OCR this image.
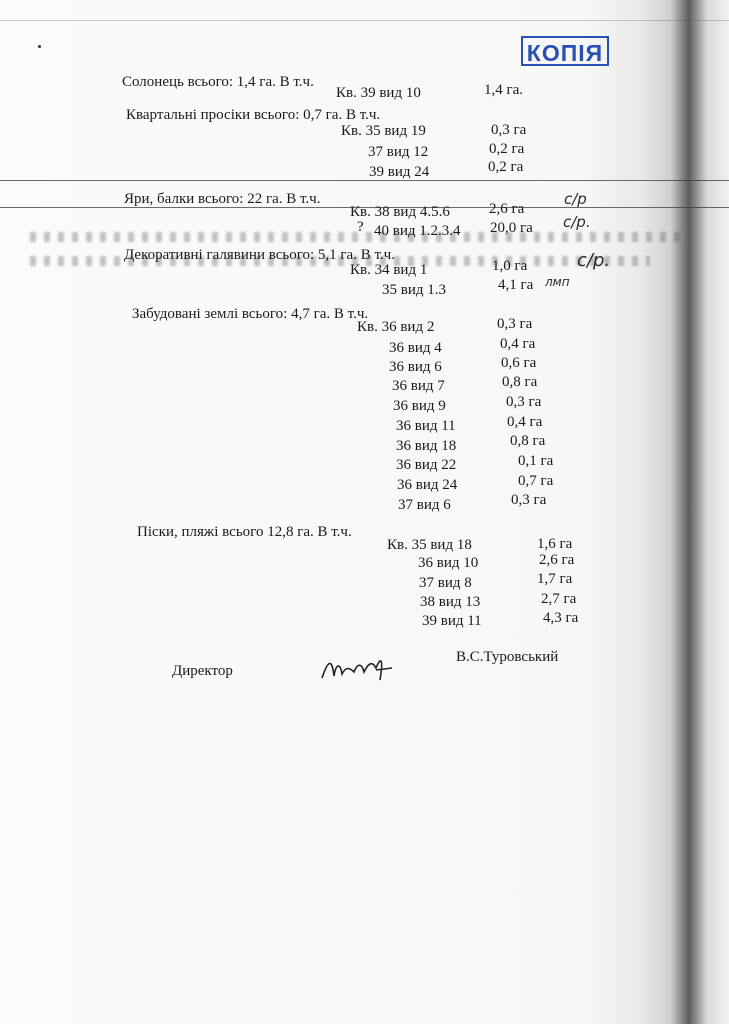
КОПІЯ
Солонець всього: 1,4 га. В т.ч.
Кв. 39 вид 10	1,4 га.
Квартальні просіки всього: 0,7 га. В т.ч.
Кв. 35 вид 19	0,3 га
37 вид 12	0,2 га
39 вид 24	0,2 га
Яри, балки всього: 22 га. В т.ч.
Кв. 38 вид 4.5.6	2,6 га
? 40 вид 1.2.3.4 20,0 га
с/р
с/р.
Декоративні галявини всього: 5,1 га. В т.ч.
Кв. 34 вид 1	1,0 га
35 вид 1.3	4,1 га
с/р.
лмп
Забудовані землі всього: 4,7 га. В т.ч.
Кв. 36 вид 2	0,3 га
36 вид 4	0,4 га
36 вид 6	0,6 га
36 вид 7	0,8 га
36 вид 9	0,3 га
36 вид 11	0,4 га
36 вид 18	0,8 га
36 вид 22	0,1 га
36 вид 24	0,7 га
37 вид 6	0,3 га
Піски, пляжі всього 12,8 га. В т.ч.
Кв. 35 вид 18	1,6 га
36 вид 10	2,6 га
37 вид 8	1,7 га
38 вид 13	2,7 га
39 вид 11	4,3 га
Директор
В.С.Туровський
